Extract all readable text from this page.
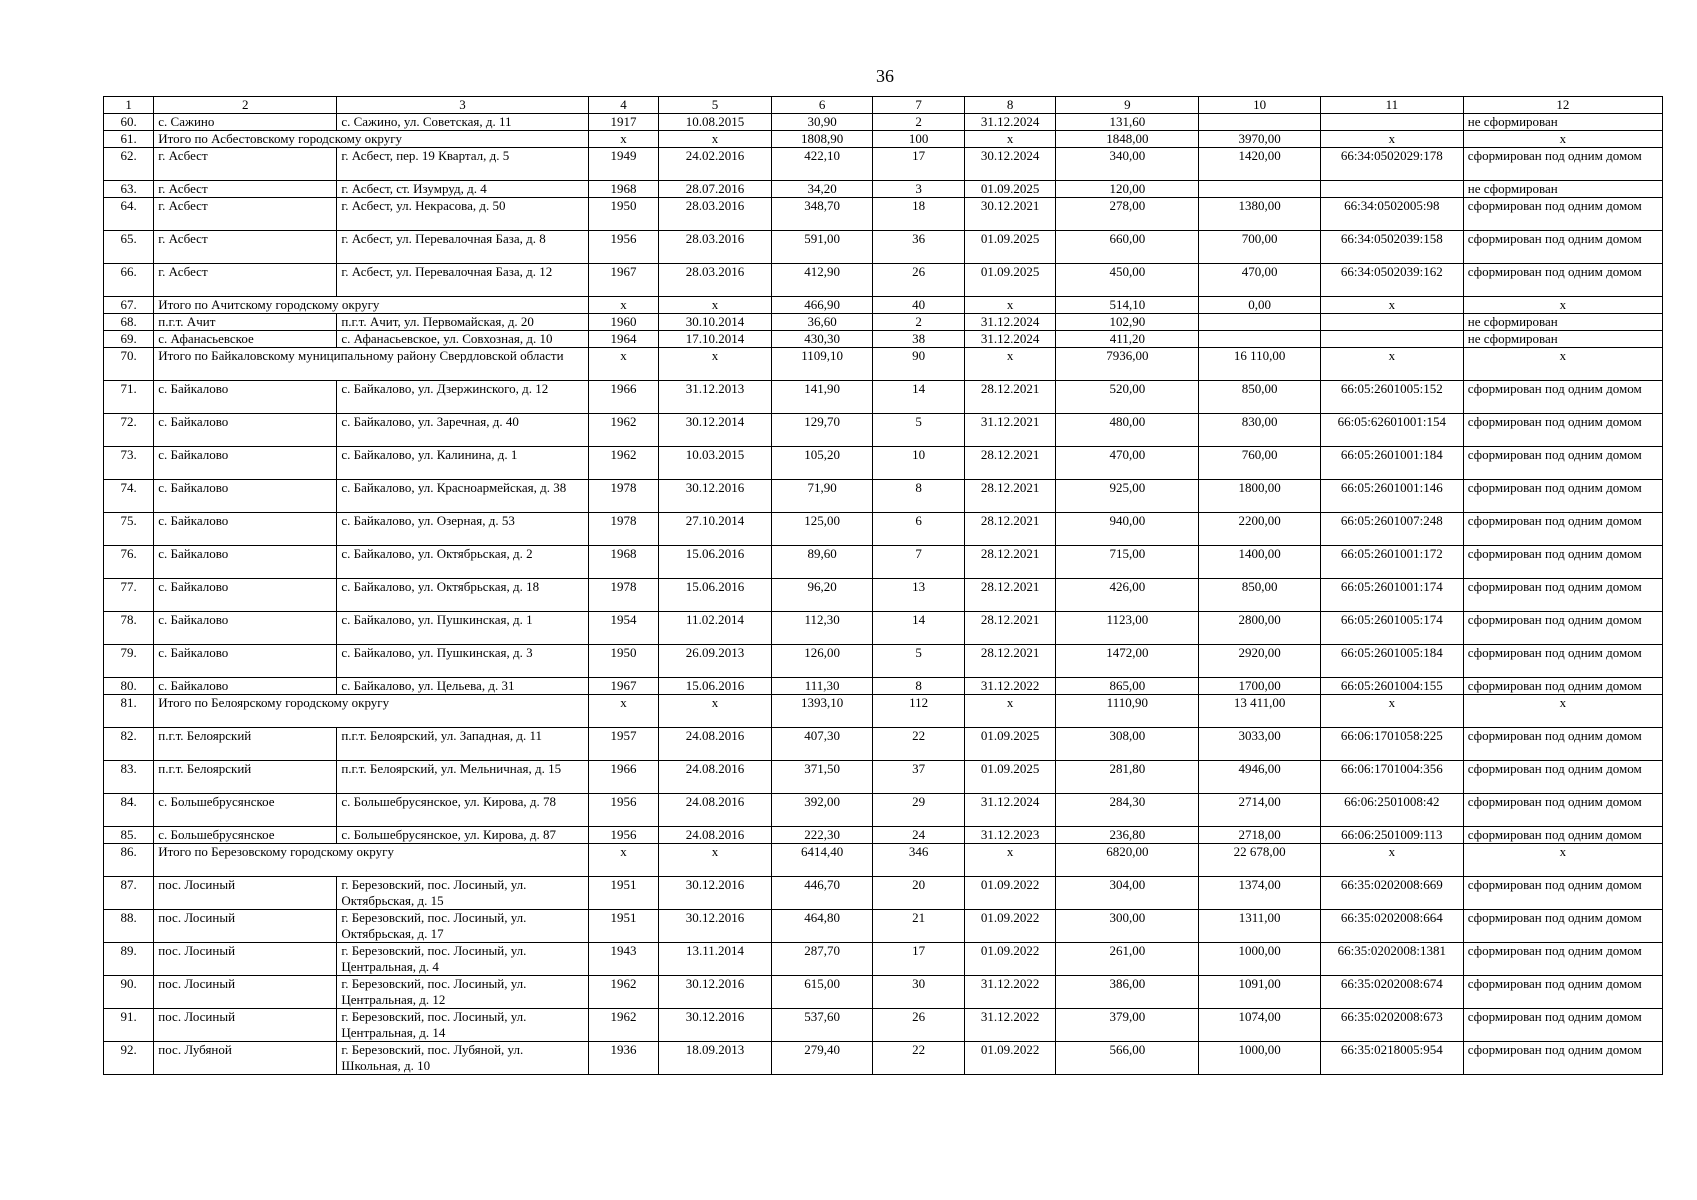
36
1	2	3	4	5	6	7	8	9	10	11	12
60.	с. Сажино	с. Сажино, ул. Советская, д. 11	1917	10.08.2015	30,90	2	31.12.2024	131,60			не сформирован
61.	Итого по Асбестовскому городскому округу		x	x	1808,90	100	x	1848,00	3970,00	x	x
62.	г. Асбест	г. Асбест, пер. 19 Квартал, д. 5	1949	24.02.2016	422,10	17	30.12.2024	340,00	1420,00	66:34:0502029:178	сформирован под одним домом
63.	г. Асбест	г. Асбест, ст. Изумруд, д. 4	1968	28.07.2016	34,20	3	01.09.2025	120,00			не сформирован
64.	г. Асбест	г. Асбест, ул. Некрасова, д. 50	1950	28.03.2016	348,70	18	30.12.2021	278,00	1380,00	66:34:0502005:98	сформирован под одним домом
65.	г. Асбест	г. Асбест, ул. Перевалочная База, д. 8	1956	28.03.2016	591,00	36	01.09.2025	660,00	700,00	66:34:0502039:158	сформирован под одним домом
66.	г. Асбест	г. Асбест, ул. Перевалочная База, д. 12	1967	28.03.2016	412,90	26	01.09.2025	450,00	470,00	66:34:0502039:162	сформирован под одним домом
67.	Итого по Ачитскому городскому округу		x	x	466,90	40	x	514,10	0,00	x	x
68.	п.г.т. Ачит	п.г.т. Ачит, ул. Первомайская, д. 20	1960	30.10.2014	36,60	2	31.12.2024	102,90			не сформирован
69.	с. Афанасьевское	с. Афанасьевское, ул. Совхозная, д. 10	1964	17.10.2014	430,30	38	31.12.2024	411,20			не сформирован
70.	Итого по Байкаловскому муниципальному району Свердловской области		x	x	1109,10	90	x	7936,00	16 110,00	x	x
71.	с. Байкалово	с. Байкалово, ул. Дзержинского, д. 12	1966	31.12.2013	141,90	14	28.12.2021	520,00	850,00	66:05:2601005:152	сформирован под одним домом
72.	с. Байкалово	с. Байкалово, ул. Заречная, д. 40	1962	30.12.2014	129,70	5	31.12.2021	480,00	830,00	66:05:62601001:154	сформирован под одним домом
73.	с. Байкалово	с. Байкалово, ул. Калинина, д. 1	1962	10.03.2015	105,20	10	28.12.2021	470,00	760,00	66:05:2601001:184	сформирован под одним домом
74.	с. Байкалово	с. Байкалово, ул. Красноармейская, д. 38	1978	30.12.2016	71,90	8	28.12.2021	925,00	1800,00	66:05:2601001:146	сформирован под одним домом
75.	с. Байкалово	с. Байкалово, ул. Озерная, д. 53	1978	27.10.2014	125,00	6	28.12.2021	940,00	2200,00	66:05:2601007:248	сформирован под одним домом
76.	с. Байкалово	с. Байкалово, ул. Октябрьская, д. 2	1968	15.06.2016	89,60	7	28.12.2021	715,00	1400,00	66:05:2601001:172	сформирован под одним домом
77.	с. Байкалово	с. Байкалово, ул. Октябрьская, д. 18	1978	15.06.2016	96,20	13	28.12.2021	426,00	850,00	66:05:2601001:174	сформирован под одним домом
78.	с. Байкалово	с. Байкалово, ул. Пушкинская, д. 1	1954	11.02.2014	112,30	14	28.12.2021	1123,00	2800,00	66:05:2601005:174	сформирован под одним домом
79.	с. Байкалово	с. Байкалово, ул. Пушкинская, д. 3	1950	26.09.2013	126,00	5	28.12.2021	1472,00	2920,00	66:05:2601005:184	сформирован под одним домом
80.	с. Байкалово	с. Байкалово, ул. Цельева, д. 31	1967	15.06.2016	111,30	8	31.12.2022	865,00	1700,00	66:05:2601004:155	сформирован под одним домом
81.	Итого по Белоярскому городскому округу		x	x	1393,10	112	x	1110,90	13 411,00	x	x
82.	п.г.т. Белоярский	п.г.т. Белоярский, ул. Западная, д. 11	1957	24.08.2016	407,30	22	01.09.2025	308,00	3033,00	66:06:1701058:225	сформирован под одним домом
83.	п.г.т. Белоярский	п.г.т. Белоярский, ул. Мельничная, д. 15	1966	24.08.2016	371,50	37	01.09.2025	281,80	4946,00	66:06:1701004:356	сформирован под одним домом
84.	с. Большебрусянское	с. Большебрусянское, ул. Кирова, д. 78	1956	24.08.2016	392,00	29	31.12.2024	284,30	2714,00	66:06:2501008:42	сформирован под одним домом
85.	с. Большебрусянское	с. Большебрусянское, ул. Кирова, д. 87	1956	24.08.2016	222,30	24	31.12.2023	236,80	2718,00	66:06:2501009:113	сформирован под одним домом
86.	Итого по Березовскому городскому округу		x	x	6414,40	346	x	6820,00	22 678,00	x	x
87.	пос. Лосиный	г. Березовский, пос. Лосиный, ул. Октябрьская, д. 15	1951	30.12.2016	446,70	20	01.09.2022	304,00	1374,00	66:35:0202008:669	сформирован под одним домом
88.	пос. Лосиный	г. Березовский, пос. Лосиный, ул. Октябрьская, д. 17	1951	30.12.2016	464,80	21	01.09.2022	300,00	1311,00	66:35:0202008:664	сформирован под одним домом
89.	пос. Лосиный	г. Березовский, пос. Лосиный, ул. Центральная, д. 4	1943	13.11.2014	287,70	17	01.09.2022	261,00	1000,00	66:35:0202008:1381	сформирован под одним домом
90.	пос. Лосиный	г. Березовский, пос. Лосиный, ул. Центральная, д. 12	1962	30.12.2016	615,00	30	31.12.2022	386,00	1091,00	66:35:0202008:674	сформирован под одним домом
91.	пос. Лосиный	г. Березовский, пос. Лосиный, ул. Центральная, д. 14	1962	30.12.2016	537,60	26	31.12.2022	379,00	1074,00	66:35:0202008:673	сформирован под одним домом
92.	пос. Лубяной	г. Березовский, пос. Лубяной, ул. Школьная, д. 10	1936	18.09.2013	279,40	22	01.09.2022	566,00	1000,00	66:35:0218005:954	сформирован под одним домом
